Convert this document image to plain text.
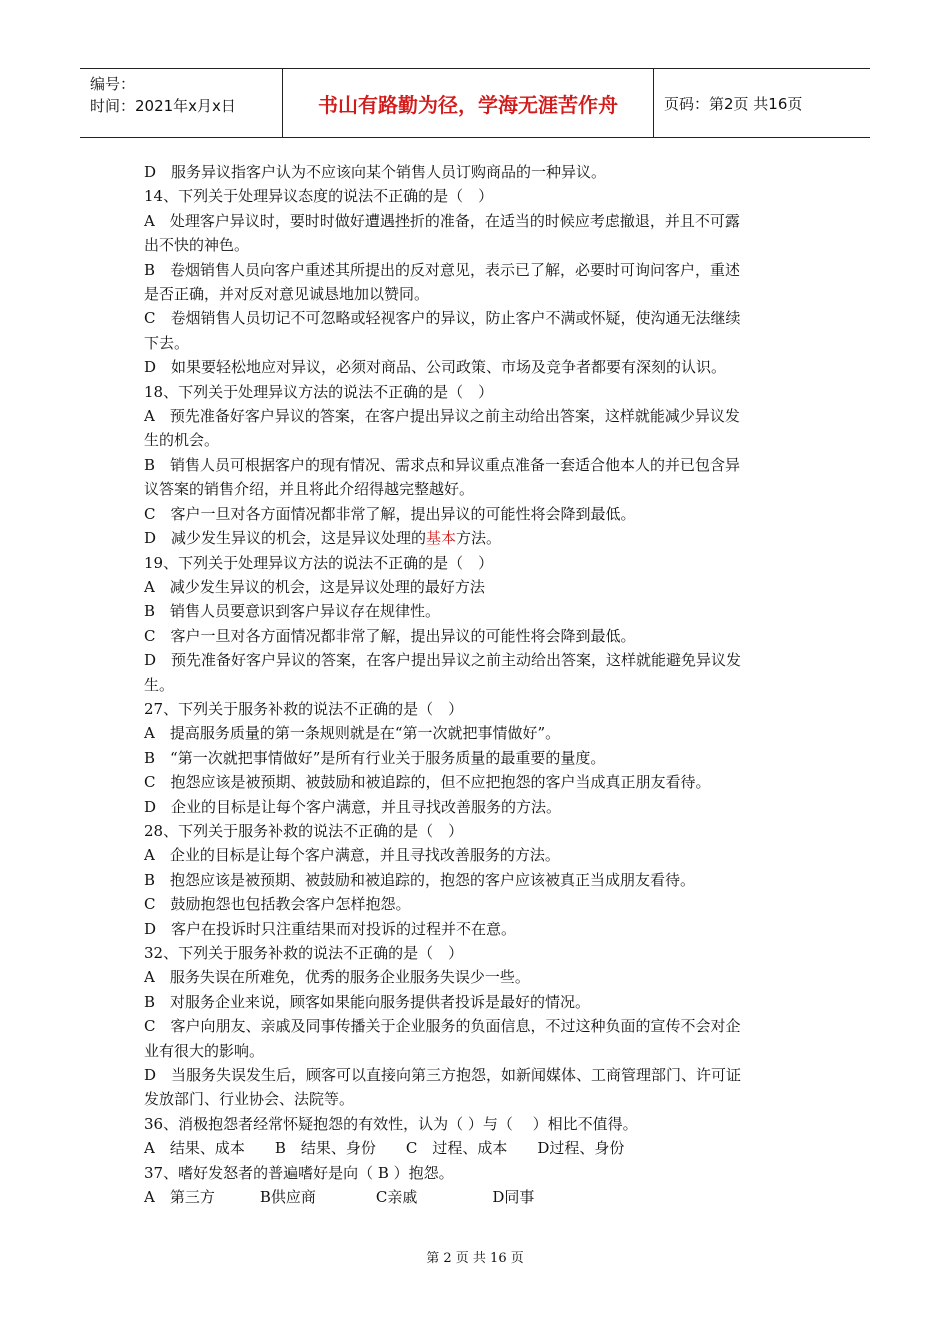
编号：
时间：2021年x月x日	书山有路勤为径，学海无涯苦作舟	页码：第2页 共16页
D　服务异议指客户认为不应该向某个销售人员订购商品的一种异议。
14、下列关于处理异议态度的说法不正确的是（　）
A　处理客户异议时，要时时做好遭遇挫折的准备，在适当的时候应考虑撤退，并且不可露
出不快的神色。
B　卷烟销售人员向客户重述其所提出的反对意见，表示已了解，必要时可询问客户，重述
是否正确，并对反对意见诚恳地加以赞同。
C　卷烟销售人员切记不可忽略或轻视客户的异议，防止客户不满或怀疑，使沟通无法继续
下去。
D　如果要轻松地应对异议，必须对商品、公司政策、市场及竞争者都要有深刻的认识。
18、下列关于处理异议方法的说法不正确的是（　）
A　预先准备好客户异议的答案，在客户提出异议之前主动给出答案，这样就能减少异议发
生的机会。
B　销售人员可根据客户的现有情况、需求点和异议重点准备一套适合他本人的并已包含异
议答案的销售介绍，并且将此介绍得越完整越好。
C　客户一旦对各方面情况都非常了解，提出异议的可能性将会降到最低。
D　减少发生异议的机会，这是异议处理的基本方法。
19、下列关于处理异议方法的说法不正确的是（　）
A　减少发生异议的机会，这是异议处理的最好方法
B　销售人员要意识到客户异议存在规律性。
C　客户一旦对各方面情况都非常了解，提出异议的可能性将会降到最低。
D　预先准备好客户异议的答案，在客户提出异议之前主动给出答案，这样就能避免异议发
生。
27、下列关于服务补救的说法不正确的是（　）
A　提高服务质量的第一条规则就是在“第一次就把事情做好”。
B　“第一次就把事情做好”是所有行业关于服务质量的最重要的量度。
C　抱怨应该是被预期、被鼓励和被追踪的，但不应把抱怨的客户当成真正朋友看待。
D　企业的目标是让每个客户满意，并且寻找改善服务的方法。
28、下列关于服务补救的说法不正确的是（　）
A　企业的目标是让每个客户满意，并且寻找改善服务的方法。
B　抱怨应该是被预期、被鼓励和被追踪的，抱怨的客户应该被真正当成朋友看待。
C　鼓励抱怨也包括教会客户怎样抱怨。
D　客户在投诉时只注重结果而对投诉的过程并不在意。
32、下列关于服务补救的说法不正确的是（　）
A　服务失误在所难免，优秀的服务企业服务失误少一些。
B　对服务企业来说，顾客如果能向服务提供者投诉是最好的情况。
C　客户向朋友、亲戚及同事传播关于企业服务的负面信息，不过这种负面的宣传不会对企
业有很大的影响。
D　当服务失误发生后，顾客可以直接向第三方抱怨，如新闻媒体、工商管理部门、许可证
发放部门、行业协会、法院等。
36、消极抱怨者经常怀疑抱怨的有效性，认为（ ）与（　 ）相比不值得。
A　结果、成本　　B　结果、身份　　C　过程、成本　　D过程、身份
37、嗜好发怒者的普遍嗜好是向（ B ）抱怨。
A　第三方　　　B供应商　　　　C亲戚　　　　　D同事
第 2 页 共 16 页
